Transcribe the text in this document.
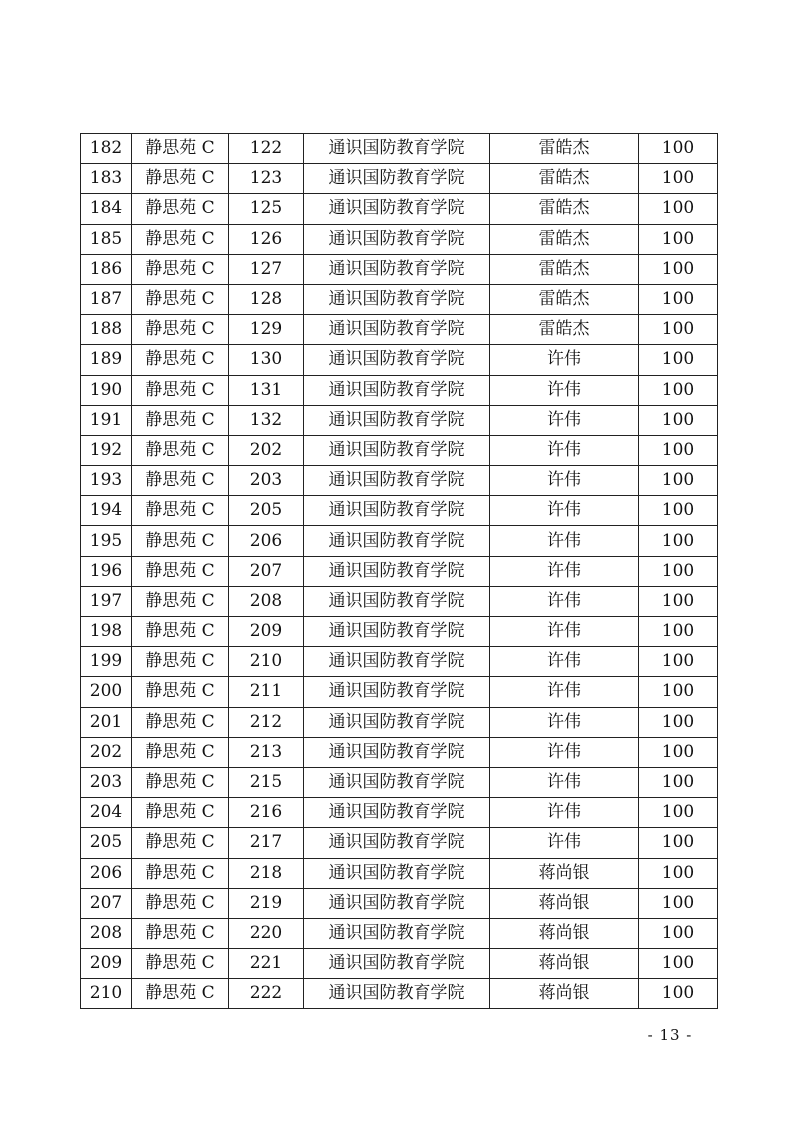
182	静思苑 C	122	通识国防教育学院	雷皓杰	100
183	静思苑 C	123	通识国防教育学院	雷皓杰	100
184	静思苑 C	125	通识国防教育学院	雷皓杰	100
185	静思苑 C	126	通识国防教育学院	雷皓杰	100
186	静思苑 C	127	通识国防教育学院	雷皓杰	100
187	静思苑 C	128	通识国防教育学院	雷皓杰	100
188	静思苑 C	129	通识国防教育学院	雷皓杰	100
189	静思苑 C	130	通识国防教育学院	许伟	100
190	静思苑 C	131	通识国防教育学院	许伟	100
191	静思苑 C	132	通识国防教育学院	许伟	100
192	静思苑 C	202	通识国防教育学院	许伟	100
193	静思苑 C	203	通识国防教育学院	许伟	100
194	静思苑 C	205	通识国防教育学院	许伟	100
195	静思苑 C	206	通识国防教育学院	许伟	100
196	静思苑 C	207	通识国防教育学院	许伟	100
197	静思苑 C	208	通识国防教育学院	许伟	100
198	静思苑 C	209	通识国防教育学院	许伟	100
199	静思苑 C	210	通识国防教育学院	许伟	100
200	静思苑 C	211	通识国防教育学院	许伟	100
201	静思苑 C	212	通识国防教育学院	许伟	100
202	静思苑 C	213	通识国防教育学院	许伟	100
203	静思苑 C	215	通识国防教育学院	许伟	100
204	静思苑 C	216	通识国防教育学院	许伟	100
205	静思苑 C	217	通识国防教育学院	许伟	100
206	静思苑 C	218	通识国防教育学院	蒋尚银	100
207	静思苑 C	219	通识国防教育学院	蒋尚银	100
208	静思苑 C	220	通识国防教育学院	蒋尚银	100
209	静思苑 C	221	通识国防教育学院	蒋尚银	100
210	静思苑 C	222	通识国防教育学院	蒋尚银	100
- 13 -
